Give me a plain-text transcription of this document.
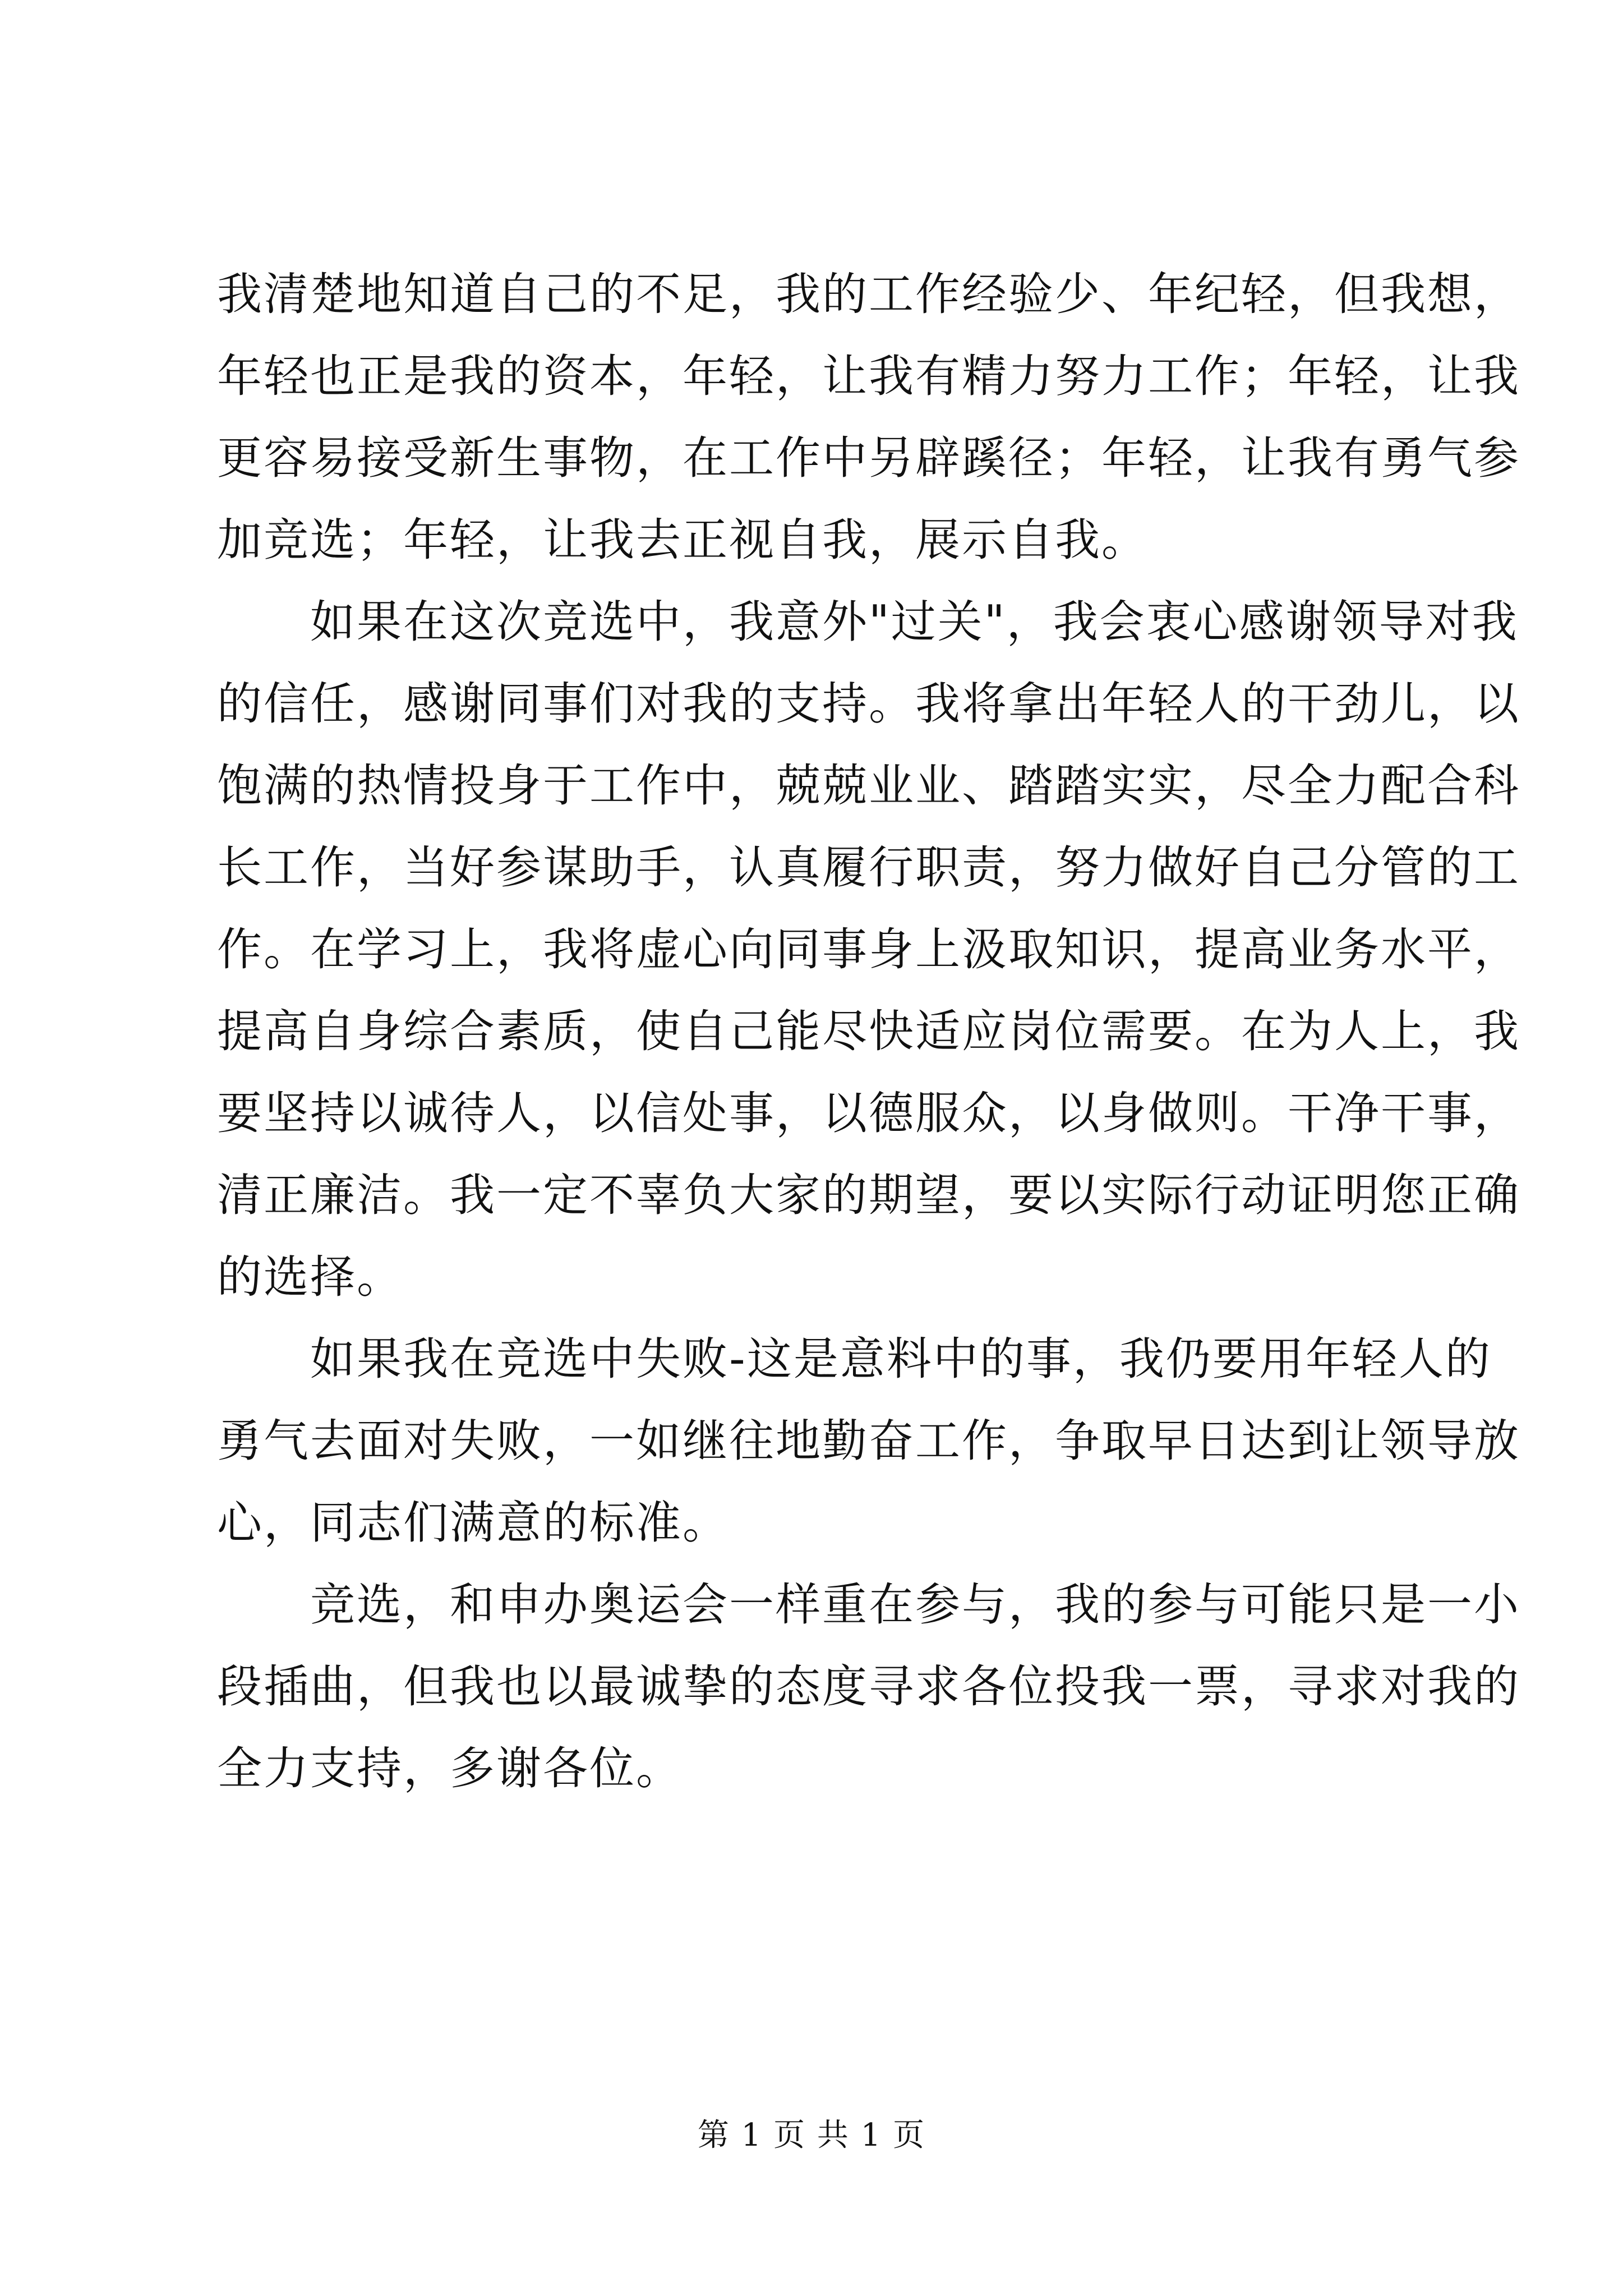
我清楚地知道自己的不足，我的工作经验少、年纪轻，但我想，
年轻也正是我的资本，年轻，让我有精力努力工作；年轻，让我
更容易接受新生事物，在工作中另辟蹊径；年轻，让我有勇气参
加竞选；年轻，让我去正视自我，展示自我。

如果在这次竞选中，我意外"过关"，我会衷心感谢领导对我
的信任，感谢同事们对我的支持。我将拿出年轻人的干劲儿，以
饱满的热情投身于工作中，兢兢业业、踏踏实实，尽全力配合科
长工作，当好参谋助手，认真履行职责，努力做好自己分管的工
作。在学习上，我将虚心向同事身上汲取知识，提高业务水平，
提高自身综合素质，使自己能尽快适应岗位需要。在为人上，我
要坚持以诚待人，以信处事，以德服众，以身做则。干净干事，
清正廉洁。我一定不辜负大家的期望，要以实际行动证明您正确
的选择。

如果我在竞选中失败-这是意料中的事，我仍要用年轻人的
勇气去面对失败，一如继往地勤奋工作，争取早日达到让领导放
心，同志们满意的标准。

竞选，和申办奥运会一样重在参与，我的参与可能只是一小
段插曲，但我也以最诚挚的态度寻求各位投我一票，寻求对我的
全力支持，多谢各位。

第 1 页 共 1 页
